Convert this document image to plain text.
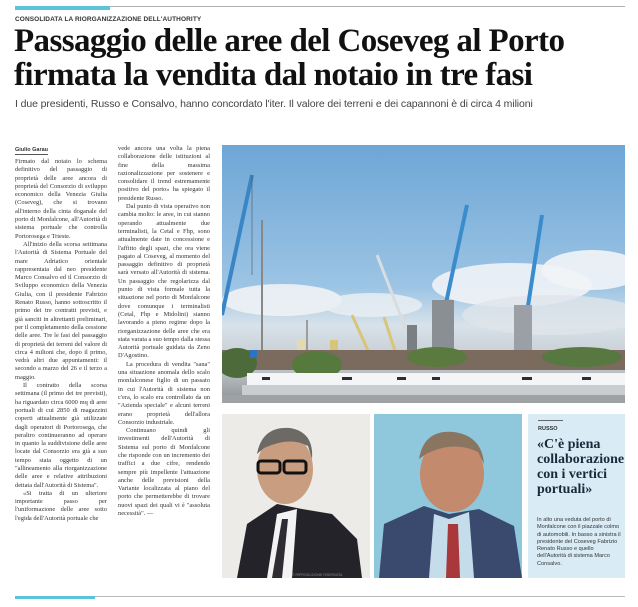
CONSOLIDATA LA RIORGANIZZAZIONE DELL'AUTHORITY
Passaggio delle aree del Coseveg al Porto
firmata la vendita dal notaio in tre fasi
I due presidenti, Russo e Consalvo, hanno concordato l'iter. Il valore dei terreni e dei capannoni è di circa 4 milioni
Giulio Garau

Firmato dal notaio lo schema definitivo del passaggio di proprietà delle aree ancora di proprietà del Consorzio di sviluppo economico della Venezia Giulia (Coseveg), che si trovano all'interno della cinta doganale del porto di Monfalcone, all'Autorità di sistema portuale che controlla Portorosega e Trieste.

All'inizio della scorsa settimana l'Autorità di Sistema Portuale del mare Adriatico orientale rappresentata dal neo presidente Marco Consalvo ed il Consorzio di Sviluppo economico della Venezia Giulia, con il presidente Fabrizio Renato Russo, hanno sottoscritto il primo dei tre contratti previsti, e già sanciti in altrettanti preliminari, per il completamento della cessione delle aree. Tre le fasi del passaggio di proprietà dei terreni del valore di circa 4 milioni che, dopo il primo, vedrà altri due appuntamenti: il secondo a marzo del 26 e il terzo a maggio.

Il contratto della scorsa settimana (il primo dei tre previsti), ha riguardato circa 6000 mq di aree portuali di cui 2850 di magazzini coperti attualmente già utilizzate dagli operatori di Portorosega, che peraltro continueranno ad operare in quanto la suddivisione delle aree locate dal Consorzio era già a suo tempo stata oggetto di un "allineamento alla riorganizzazione delle aree e relative attribuzioni dettata dall'Autorità di Sistema".

«Si tratta di un ulteriore importante passo per l'uniformazione delle aree sotto l'egida dell'Autorità portuale che

vede ancora una volta la piena collaborazione delle istituzioni al fine della massima razionalizzazione per sostenere e consolidare il trend estremamente positivo del porto» ha spiegato il presidente Russo.

Dal punto di vista operativo non cambia molto: le aree, in cui stanno operando attualmente due terminalisti, la Cetal e Fhp, sono attualmente date in concessione e l'affitto degli spazi, che ora viene pagato al Coseveg, al momento del passaggio definitivo di proprietà sarà versato all'Autorità di sistema. Un passaggio che regolarizza dal punto di vista formale tutta la situazione nel porto di Monfalcone dove comunque i terminalisti (Cetal, Fhp e Midolini) stanno lavorando a pieno regime dopo la riorganizzazione delle aree che era stata varata a suo tempo dalla stessa Autorità portuale guidata da Zeno D'Agostino.

La procedura di vendita "sana" una situazione anomala dello scalo monfalconese figlio di un passato in cui l'Autorità di sistema non c'era, lo scalo era controllato da un "Azienda speciale" e alcuni terreni erano proprietà dell'allora Consorzio industriale.

Continuano quindi gli investimenti dell'Autorità di Sistema sul porto di Monfalcone che risponde con un incremento dei traffici a due cifre, rendendo sempre più impellente l'attuazione anche delle previsioni della Variante localizzata al piano del porto che permetterebbe di trovare nuovi spazi dei quali vi è "assoluta necessità". —

RUSSO
«C'è piena collaborazione con i vertici portuali»
In alto una veduta del porto di Monfalcone con il piazzale colmo di automobili. In basso a sinistra il presidente del Coseveg Fabrizio Renato Russo e quello dell'Autorità di sistema Marco Consalvo.
© RIPRODUZIONE RISERVATA
